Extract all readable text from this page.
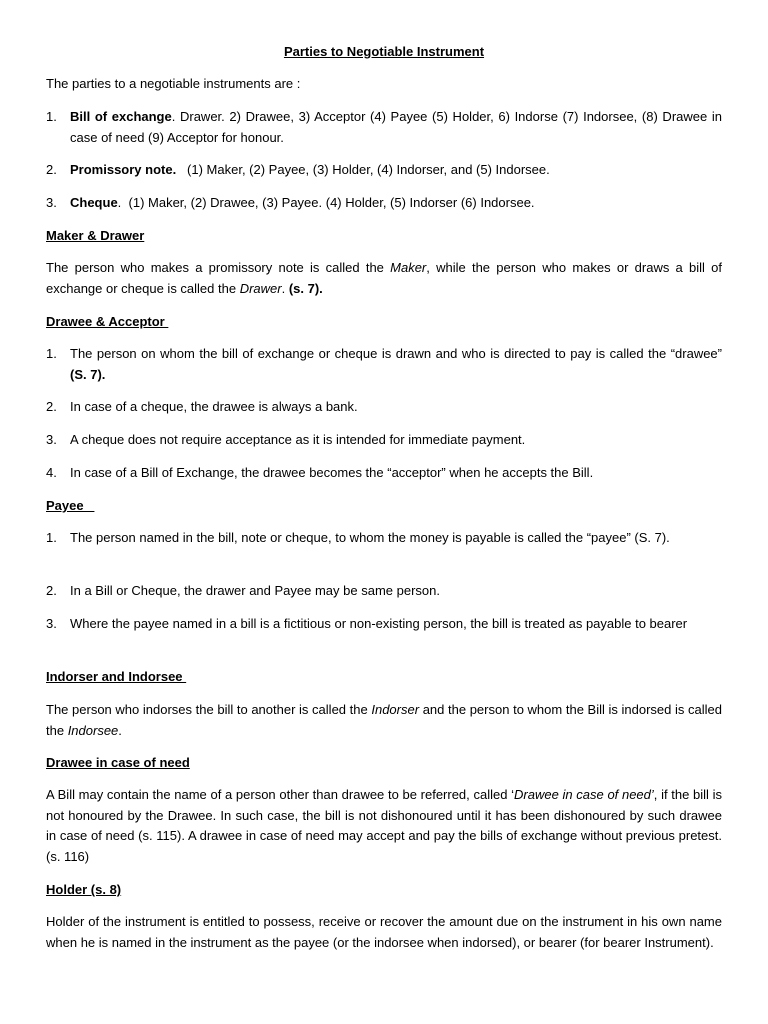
Parties to Negotiable Instrument

The parties to a negotiable instruments are :

1.	Bill of exchange. Drawer. 2) Drawee, 3) Acceptor (4) Payee (5) Holder, 6) Indorse (7) Indorsee, (8) Drawee in case of need (9) Acceptor for honour.

2.	Promissory note.   (1) Maker, (2) Payee, (3) Holder, (4) Indorser, and (5) Indorsee.

3.	Cheque.  (1) Maker, (2) Drawee, (3) Payee. (4) Holder, (5) Indorser (6) Indorsee.

Maker & Drawer

The person who makes a promissory note is called the Maker, while the person who makes or draws a bill of exchange or cheque is called the Drawer. (s. 7).

Drawee & Acceptor

1.	The person on whom the bill of exchange or cheque is drawn and who is directed to pay is called the “drawee” (S. 7).

2.	In case of a cheque, the drawee is always a bank.

3.	A cheque does not require acceptance as it is intended for immediate payment.

4.	In case of a Bill of Exchange, the drawee becomes the “acceptor” when he accepts the Bill.

Payee

1.	The person named in the bill, note or cheque, to whom the money is payable is called the “payee” (S. 7).

2.	In a Bill or Cheque, the drawer and Payee may be same person.

3.	Where the payee named in a bill is a fictitious or non-existing person, the bill is treated as payable to bearer

Indorser and Indorsee

The person who indorses the bill to another is called the Indorser and the person to whom the Bill is indorsed is called the Indorsee.

Drawee in case of need

A Bill may contain the name of a person other than drawee to be referred, called ‘Drawee in case of need’, if the bill is not honoured by the Drawee. In such case, the bill is not dishonoured until it has been dishonoured by such drawee in case of need (s. 115). A drawee in case of need may accept and pay the bills of exchange without previous pretest. (s. 116)

Holder (s. 8)

Holder of the instrument is entitled to possess, receive or recover the amount due on the instrument in his own name when he is named in the instrument as the payee (or the indorsee when indorsed), or bearer (for bearer Instrument).
